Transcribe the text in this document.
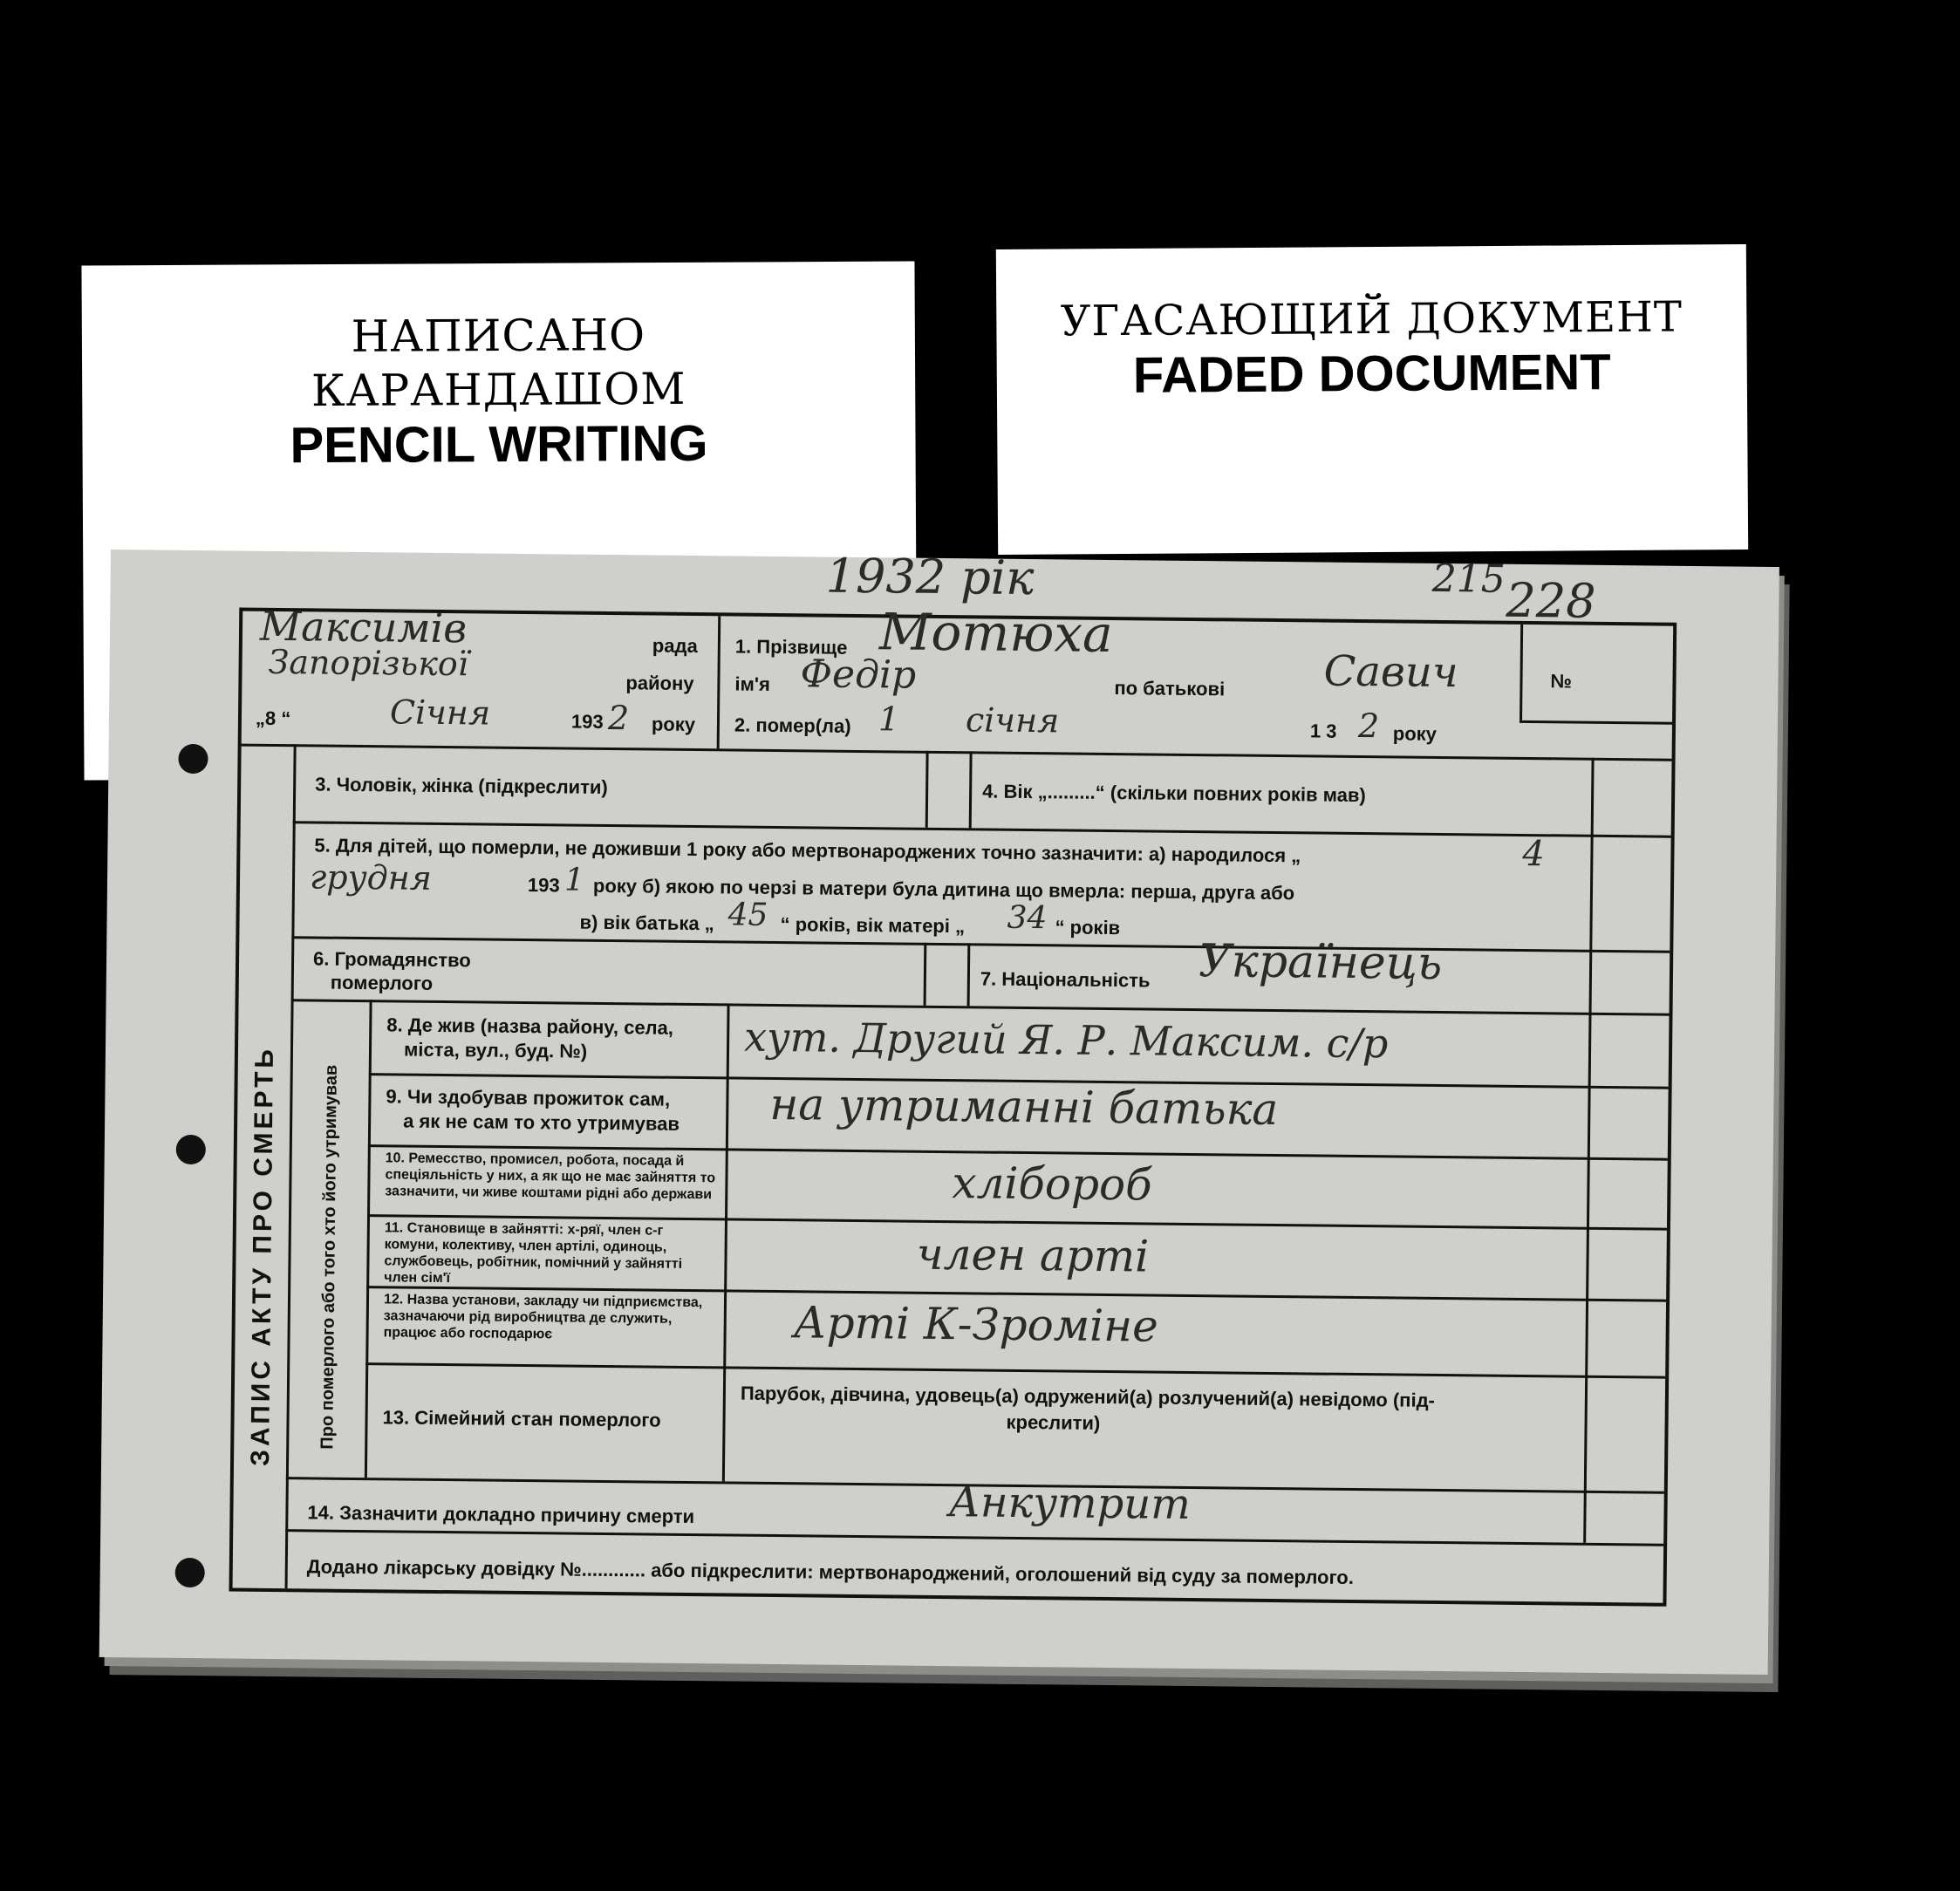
НАПИСАНО
КАРАНДАШОМ
PENCIL WRITING
УГАСАЮЩИЙ ДОКУМЕНТ
FADED DOCUMENT
1932 рік	215 228
Максимів	рада
Запорізької	району
„8 “	Січня	193 2 року
1. Прізвище Мотюха
ім'я Федір	по батькові Савич
2. помер(ла) 1 січня	1 3 2 року
№
3. Чоловік, жінка (підкреслити)	4. Вік „.........“ (скільки повних років мав)
5. Для дітей, що померли, не доживши 1 року або мертвонароджених точно зазначити: а) народилося „	4
грудня	193 1 року б) якою по черзі в матери була дитина що вмерла: перша, друга або
в) вік батька „ 45 “ років, вік матері „ 34 “ років
6. Громадянство
померлого	7. Національність Українець
Про померлого або того хто його утримував
ЗАПИС АКТУ ПРО СМЕРТЬ
8. Де жив (назва району, села,
міста, вул., буд. №)	хут. Другий Я. Р. Максим. с/р
9. Чи здобував прожиток сам,
а як не сам то хто утримував на утриманні батька
10. Ремесство, промисел, робота, посада й спеціяльність у них, а як що не має зайняття то зазначити, чи живе коштами рідні або держави	хлібороб
11. Становище в зайнятті: х-ряї, член с-г комуни, колективу, член артілі, одиноць, службовець, робітник, помічний у зайнятті член сім'ї	член арті
12. Назва установи, закладу чи підприємства, зазначаючи рід виробництва де служить, працює або господарює	Арті К-Зроміне
13. Сімейний стан померлого
Парубок, дівчина, удовець(а) одружений(а) розлучений(а) невідомо (під-
креслити)
14. Зазначити докладно причину смерти	Анкутрит
Додано лікарську довідку №............ або підкреслити: мертвонароджений, оголошений від суду за померлого.
